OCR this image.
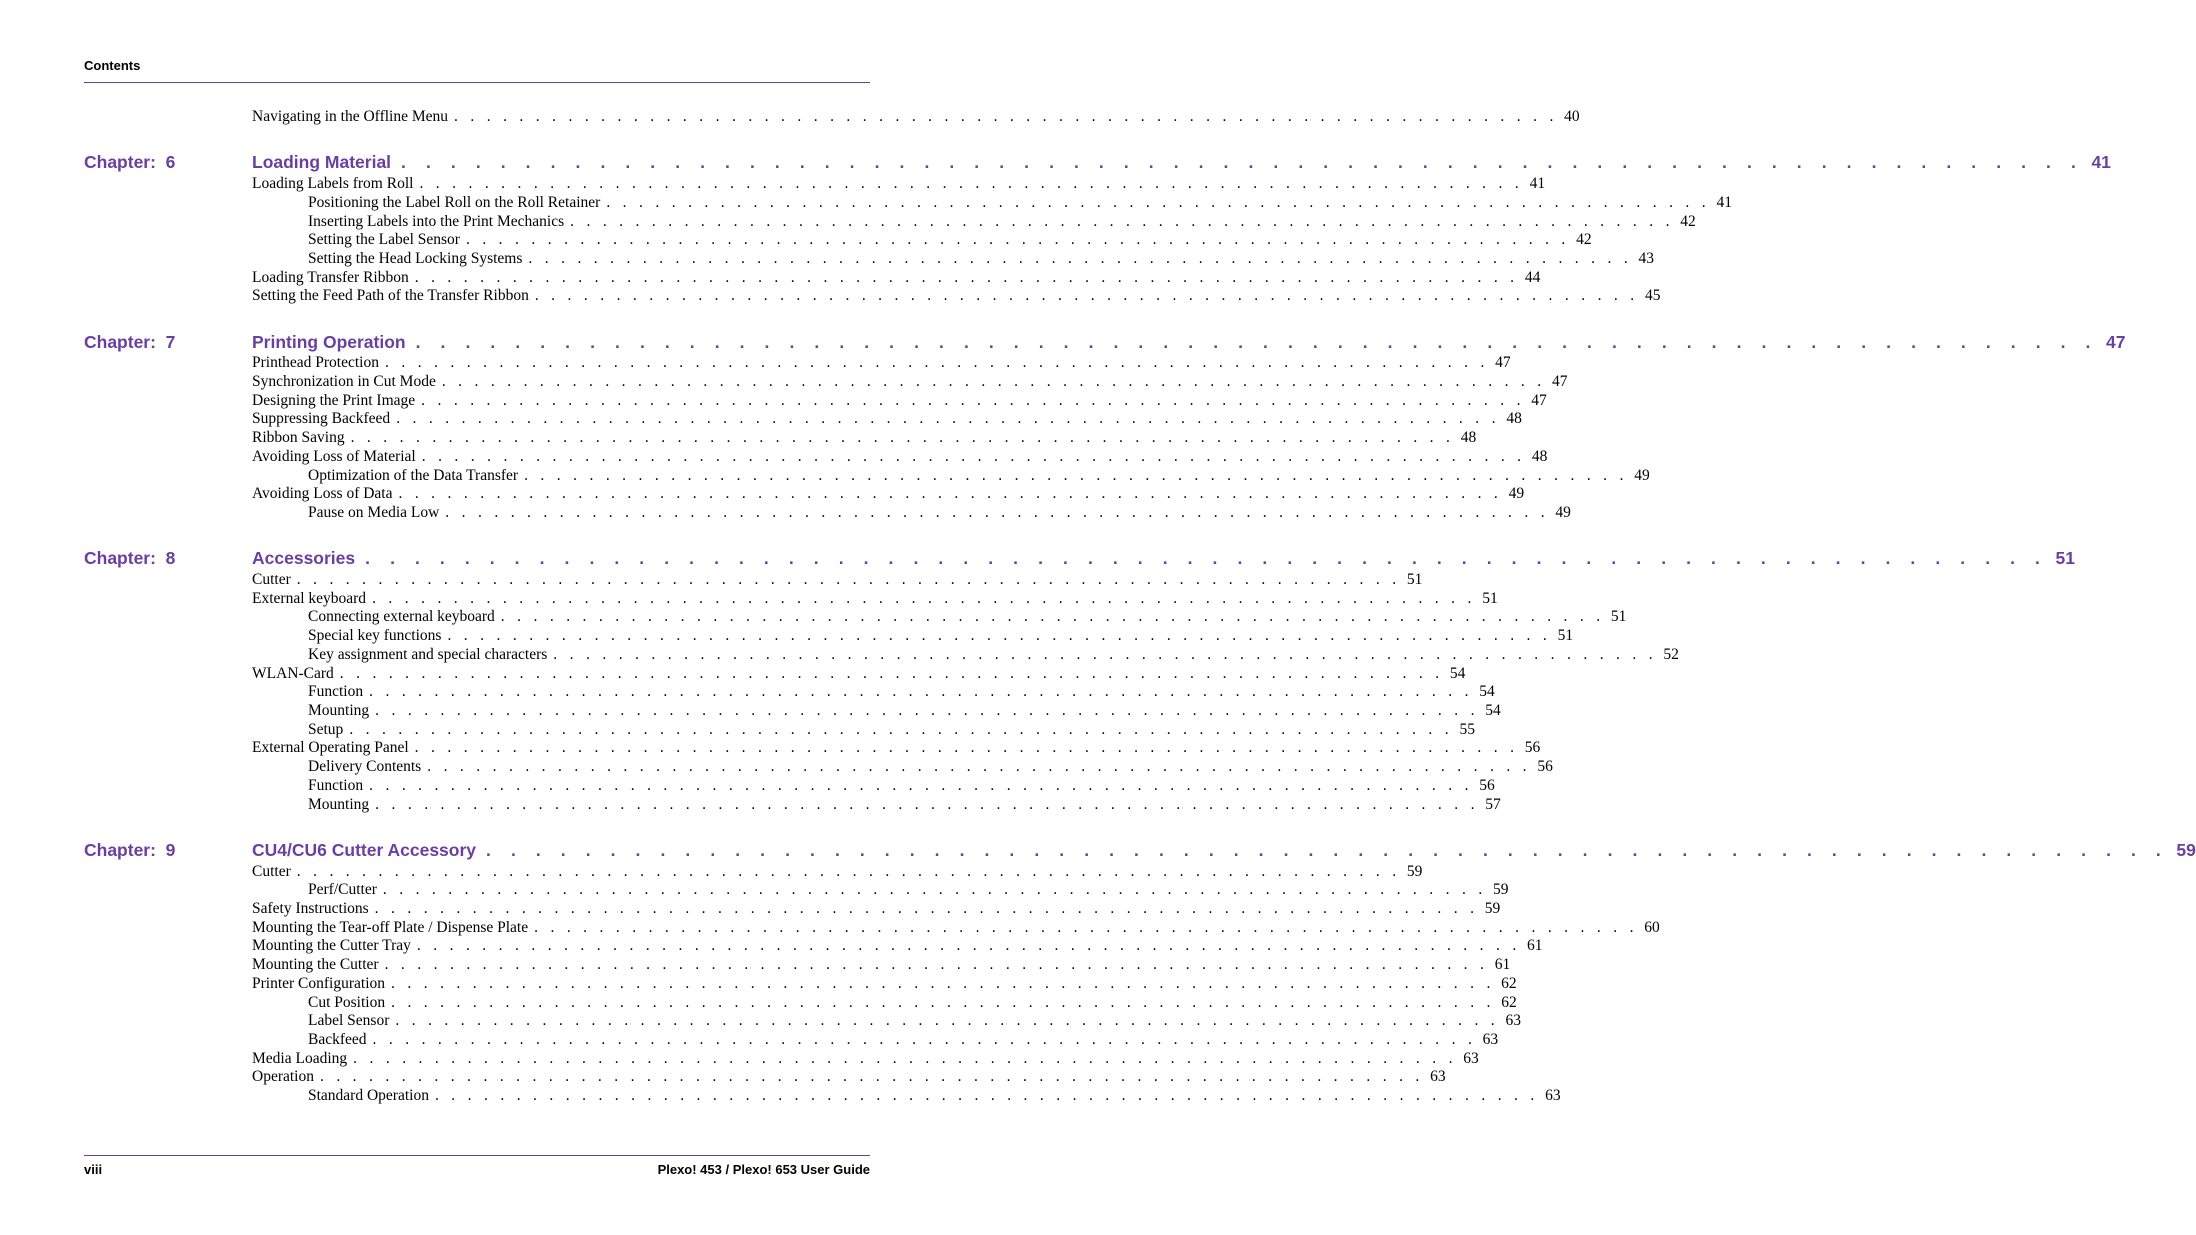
Contents
Navigating in the Offline Menu . . . . . . . . . . . . . . . . . . . . . . . . . . . . . . . . . . . . . . . . . . . . . . . . . . . . . . . . . . . . . . . . . . . . 40
Chapter:  6	Loading Material . . . . . . . . . . . . . . . . . . . . . . . . . . . . . . . . . . . . . . . . . . . . . . . . . . . . . . . . . . . . . . . . . . . . 41
Loading Labels from Roll . . . . . . . . . . . . . . . . . . . . . . . . . . . . . . . . . . . . . . . . . . . . . . . . . . . . . . . . . . . . . . . . . . . . 41
Positioning the Label Roll on the Roll Retainer . . . . . . . . . . . . . . . . . . . . . . . . . . . . . . . . . . . . . . . . . . . . . . . . . . . . . . . . . . . . . . . . . . . . 41
Inserting Labels into the Print Mechanics . . . . . . . . . . . . . . . . . . . . . . . . . . . . . . . . . . . . . . . . . . . . . . . . . . . . . . . . . . . . . . . . . . . . 42
Setting the Label Sensor . . . . . . . . . . . . . . . . . . . . . . . . . . . . . . . . . . . . . . . . . . . . . . . . . . . . . . . . . . . . . . . . . . . . 42
Setting the Head Locking Systems . . . . . . . . . . . . . . . . . . . . . . . . . . . . . . . . . . . . . . . . . . . . . . . . . . . . . . . . . . . . . . . . . . . . 43
Loading Transfer Ribbon . . . . . . . . . . . . . . . . . . . . . . . . . . . . . . . . . . . . . . . . . . . . . . . . . . . . . . . . . . . . . . . . . . . . 44
Setting the Feed Path of the Transfer Ribbon . . . . . . . . . . . . . . . . . . . . . . . . . . . . . . . . . . . . . . . . . . . . . . . . . . . . . . . . . . . . . . . . . . . . 45
Chapter:  7	Printing Operation . . . . . . . . . . . . . . . . . . . . . . . . . . . . . . . . . . . . . . . . . . . . . . . . . . . . . . . . . . . . . . . . . . . . 47
Printhead Protection . . . . . . . . . . . . . . . . . . . . . . . . . . . . . . . . . . . . . . . . . . . . . . . . . . . . . . . . . . . . . . . . . . . . 47
Synchronization in Cut Mode . . . . . . . . . . . . . . . . . . . . . . . . . . . . . . . . . . . . . . . . . . . . . . . . . . . . . . . . . . . . . . . . . . . . 47
Designing the Print Image . . . . . . . . . . . . . . . . . . . . . . . . . . . . . . . . . . . . . . . . . . . . . . . . . . . . . . . . . . . . . . . . . . . . 47
Suppressing Backfeed . . . . . . . . . . . . . . . . . . . . . . . . . . . . . . . . . . . . . . . . . . . . . . . . . . . . . . . . . . . . . . . . . . . . 48
Ribbon Saving . . . . . . . . . . . . . . . . . . . . . . . . . . . . . . . . . . . . . . . . . . . . . . . . . . . . . . . . . . . . . . . . . . . . 48
Avoiding Loss of Material . . . . . . . . . . . . . . . . . . . . . . . . . . . . . . . . . . . . . . . . . . . . . . . . . . . . . . . . . . . . . . . . . . . . 48
Optimization of the Data Transfer . . . . . . . . . . . . . . . . . . . . . . . . . . . . . . . . . . . . . . . . . . . . . . . . . . . . . . . . . . . . . . . . . . . . 49
Avoiding Loss of Data . . . . . . . . . . . . . . . . . . . . . . . . . . . . . . . . . . . . . . . . . . . . . . . . . . . . . . . . . . . . . . . . . . . . 49
Pause on Media Low . . . . . . . . . . . . . . . . . . . . . . . . . . . . . . . . . . . . . . . . . . . . . . . . . . . . . . . . . . . . . . . . . . . . 49
Chapter:  8	Accessories . . . . . . . . . . . . . . . . . . . . . . . . . . . . . . . . . . . . . . . . . . . . . . . . . . . . . . . . . . . . . . . . . . . . 51
Cutter . . . . . . . . . . . . . . . . . . . . . . . . . . . . . . . . . . . . . . . . . . . . . . . . . . . . . . . . . . . . . . . . . . . . 51
External keyboard . . . . . . . . . . . . . . . . . . . . . . . . . . . . . . . . . . . . . . . . . . . . . . . . . . . . . . . . . . . . . . . . . . . . 51
Connecting external keyboard . . . . . . . . . . . . . . . . . . . . . . . . . . . . . . . . . . . . . . . . . . . . . . . . . . . . . . . . . . . . . . . . . . . . 51
Special key functions . . . . . . . . . . . . . . . . . . . . . . . . . . . . . . . . . . . . . . . . . . . . . . . . . . . . . . . . . . . . . . . . . . . . 51
Key assignment and special characters . . . . . . . . . . . . . . . . . . . . . . . . . . . . . . . . . . . . . . . . . . . . . . . . . . . . . . . . . . . . . . . . . . . . 52
WLAN-Card . . . . . . . . . . . . . . . . . . . . . . . . . . . . . . . . . . . . . . . . . . . . . . . . . . . . . . . . . . . . . . . . . . . . 54
Function . . . . . . . . . . . . . . . . . . . . . . . . . . . . . . . . . . . . . . . . . . . . . . . . . . . . . . . . . . . . . . . . . . . . 54
Mounting . . . . . . . . . . . . . . . . . . . . . . . . . . . . . . . . . . . . . . . . . . . . . . . . . . . . . . . . . . . . . . . . . . . . 54
Setup . . . . . . . . . . . . . . . . . . . . . . . . . . . . . . . . . . . . . . . . . . . . . . . . . . . . . . . . . . . . . . . . . . . . 55
External Operating Panel . . . . . . . . . . . . . . . . . . . . . . . . . . . . . . . . . . . . . . . . . . . . . . . . . . . . . . . . . . . . . . . . . . . . 56
Delivery Contents . . . . . . . . . . . . . . . . . . . . . . . . . . . . . . . . . . . . . . . . . . . . . . . . . . . . . . . . . . . . . . . . . . . . 56
Function . . . . . . . . . . . . . . . . . . . . . . . . . . . . . . . . . . . . . . . . . . . . . . . . . . . . . . . . . . . . . . . . . . . . 56
Mounting . . . . . . . . . . . . . . . . . . . . . . . . . . . . . . . . . . . . . . . . . . . . . . . . . . . . . . . . . . . . . . . . . . . . 57
Chapter:  9	CU4/CU6 Cutter Accessory . . . . . . . . . . . . . . . . . . . . . . . . . . . . . . . . . . . . . . . . . . . . . . . . . . . . . . . . . . . . . . . . . . . . 59
Cutter . . . . . . . . . . . . . . . . . . . . . . . . . . . . . . . . . . . . . . . . . . . . . . . . . . . . . . . . . . . . . . . . . . . . 59
Perf/Cutter . . . . . . . . . . . . . . . . . . . . . . . . . . . . . . . . . . . . . . . . . . . . . . . . . . . . . . . . . . . . . . . . . . . . 59
Safety Instructions . . . . . . . . . . . . . . . . . . . . . . . . . . . . . . . . . . . . . . . . . . . . . . . . . . . . . . . . . . . . . . . . . . . . 59
Mounting the Tear-off Plate / Dispense Plate . . . . . . . . . . . . . . . . . . . . . . . . . . . . . . . . . . . . . . . . . . . . . . . . . . . . . . . . . . . . . . . . . . . . 60
Mounting the Cutter Tray . . . . . . . . . . . . . . . . . . . . . . . . . . . . . . . . . . . . . . . . . . . . . . . . . . . . . . . . . . . . . . . . . . . . 61
Mounting the Cutter . . . . . . . . . . . . . . . . . . . . . . . . . . . . . . . . . . . . . . . . . . . . . . . . . . . . . . . . . . . . . . . . . . . . 61
Printer Configuration . . . . . . . . . . . . . . . . . . . . . . . . . . . . . . . . . . . . . . . . . . . . . . . . . . . . . . . . . . . . . . . . . . . . 62
Cut Position . . . . . . . . . . . . . . . . . . . . . . . . . . . . . . . . . . . . . . . . . . . . . . . . . . . . . . . . . . . . . . . . . . . . 62
Label Sensor . . . . . . . . . . . . . . . . . . . . . . . . . . . . . . . . . . . . . . . . . . . . . . . . . . . . . . . . . . . . . . . . . . . . 63
Backfeed . . . . . . . . . . . . . . . . . . . . . . . . . . . . . . . . . . . . . . . . . . . . . . . . . . . . . . . . . . . . . . . . . . . . 63
Media Loading . . . . . . . . . . . . . . . . . . . . . . . . . . . . . . . . . . . . . . . . . . . . . . . . . . . . . . . . . . . . . . . . . . . . 63
Operation . . . . . . . . . . . . . . . . . . . . . . . . . . . . . . . . . . . . . . . . . . . . . . . . . . . . . . . . . . . . . . . . . . . . 63
Standard Operation . . . . . . . . . . . . . . . . . . . . . . . . . . . . . . . . . . . . . . . . . . . . . . . . . . . . . . . . . . . . . . . . . . . . 63
viii	Plexo! 453 / Plexo! 653 User Guide
